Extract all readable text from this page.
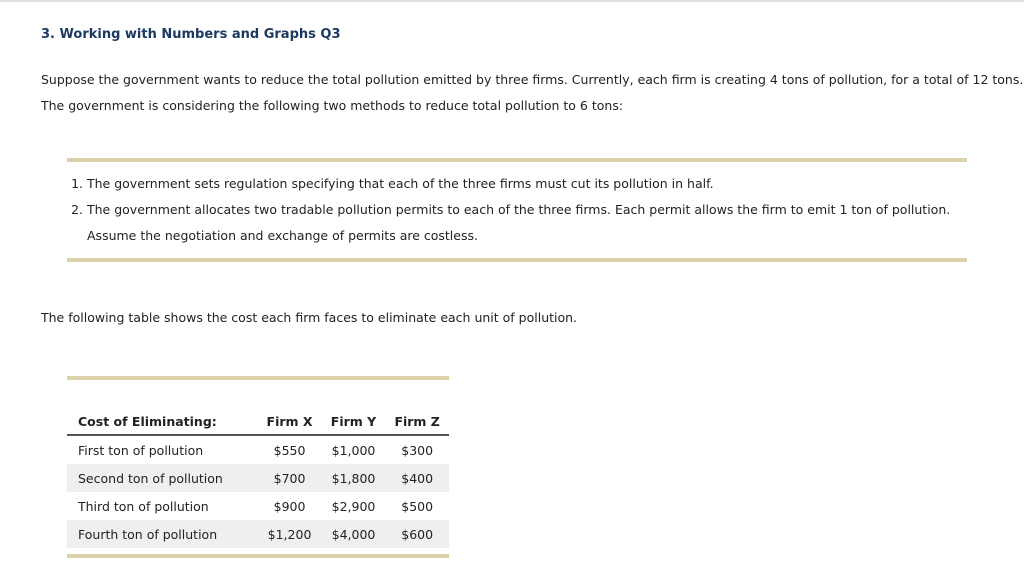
3. Working with Numbers and Graphs Q3

Suppose the government wants to reduce the total pollution emitted by three firms. Currently, each firm is creating 4 tons of pollution, for a total of 12 tons. The government is considering the following two methods to reduce total pollution to 6 tons:

1. The government sets regulation specifying that each of the three firms must cut its pollution in half.
2. The government allocates two tradable pollution permits to each of the three firms. Each permit allows the firm to emit 1 ton of pollution. Assume the negotiation and exchange of permits are costless.

The following table shows the cost each firm faces to eliminate each unit of pollution.

Cost of Eliminating:	Firm X	Firm Y	Firm Z
First ton of pollution	$550	$1,000	$300
Second ton of pollution	$700	$1,800	$400
Third ton of pollution	$900	$2,900	$500
Fourth ton of pollution	$1,200	$4,000	$600
